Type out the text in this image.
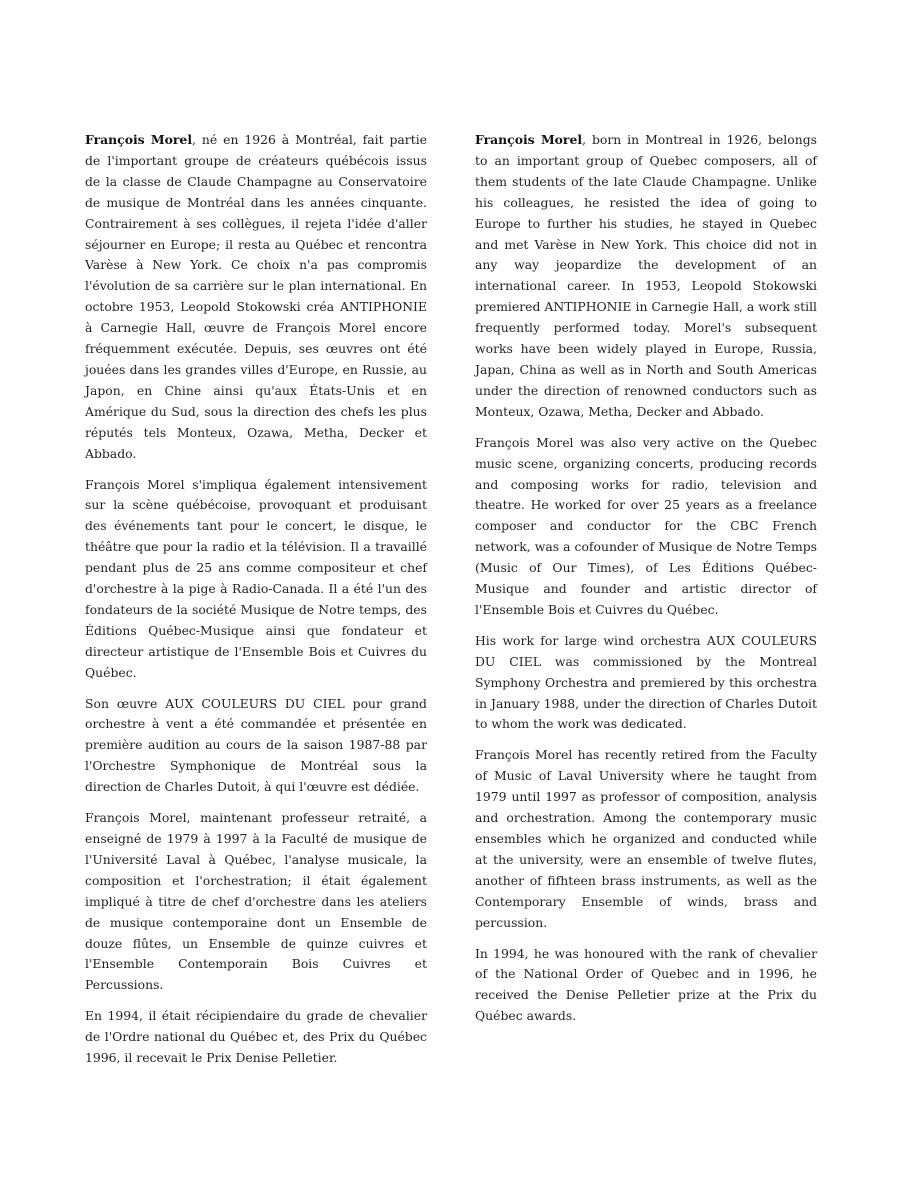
François Morel, né en 1926 à Montréal, fait partie de l'important groupe de créateurs québécois issus de la classe de Claude Champagne au Conservatoire de musique de Montréal dans les années cinquante. Contrairement à ses collègues, il rejeta l'idée d'aller séjourner en Europe; il resta au Québec et rencontra Varèse à New York. Ce choix n'a pas compromis l'évolution de sa carrière sur le plan international. En octobre 1953, Leopold Stokowski créa ANTIPHONIE à Carnegie Hall, œuvre de François Morel encore fréquemment exécutée. Depuis, ses œuvres ont été jouées dans les grandes villes d'Europe, en Russie, au Japon, en Chine ainsi qu'aux États-Unis et en Amérique du Sud, sous la direction des chefs les plus réputés tels Monteux, Ozawa, Metha, Decker et Abbado.

François Morel s'impliqua également intensivement sur la scène québécoise, provoquant et produisant des événements tant pour le concert, le disque, le théâtre que pour la radio et la télévision. Il a travaillé pendant plus de 25 ans comme compositeur et chef d'orchestre à la pige à Radio-Canada. Il a été l'un des fondateurs de la société Musique de Notre temps, des Éditions Québec-Musique ainsi que fondateur et directeur artistique de l'Ensemble Bois et Cuivres du Québec.

Son œuvre AUX COULEURS DU CIEL pour grand orchestre à vent a été commandée et présentée en première audition au cours de la saison 1987-88 par l'Orchestre Symphonique de Montréal sous la direction de Charles Dutoit, à qui l'œuvre est dédiée.

François Morel, maintenant professeur retraité, a enseigné de 1979 à 1997 à la Faculté de musique de l'Université Laval à Québec, l'analyse musicale, la composition et l'orchestration; il était également impliqué à titre de chef d'orchestre dans les ateliers de musique contemporaine dont un Ensemble de douze flûtes, un Ensemble de quinze cuivres et l'Ensemble Contemporain Bois Cuivres et Percussions.

En 1994, il était récipiendaire du grade de chevalier de l'Ordre national du Québec et, des Prix du Québec 1996, il recevait le Prix Denise Pelletier.

François Morel, born in Montreal in 1926, belongs to an important group of Quebec composers, all of them students of the late Claude Champagne. Unlike his colleagues, he resisted the idea of going to Europe to further his studies, he stayed in Quebec and met Varèse in New York. This choice did not in any way jeopardize the development of an international career. In 1953, Leopold Stokowski premiered ANTIPHONIE in Carnegie Hall, a work still frequently performed today. Morel's subsequent works have been widely played in Europe, Russia, Japan, China as well as in North and South Americas under the direction of renowned conductors such as Monteux, Ozawa, Metha, Decker and Abbado.

François Morel was also very active on the Quebec music scene, organizing concerts, producing records and composing works for radio, television and theatre. He worked for over 25 years as a freelance composer and conductor for the CBC French network, was a cofounder of Musique de Notre Temps (Music of Our Times), of Les Éditions Québec-Musique and founder and artistic director of l'Ensemble Bois et Cuivres du Québec.

His work for large wind orchestra AUX COULEURS DU CIEL was commissioned by the Montreal Symphony Orchestra and premiered by this orchestra in January 1988, under the direction of Charles Dutoit to whom the work was dedicated.

François Morel has recently retired from the Faculty of Music of Laval University where he taught from 1979 until 1997 as professor of composition, analysis and orchestration. Among the contemporary music ensembles which he organized and conducted while at the university, were an ensemble of twelve flutes, another of fifhteen brass instruments, as well as the Contemporary Ensemble of winds, brass and percussion.

In 1994, he was honoured with the rank of chevalier of the National Order of Quebec and in 1996, he received the Denise Pelletier prize at the Prix du Québec awards.
